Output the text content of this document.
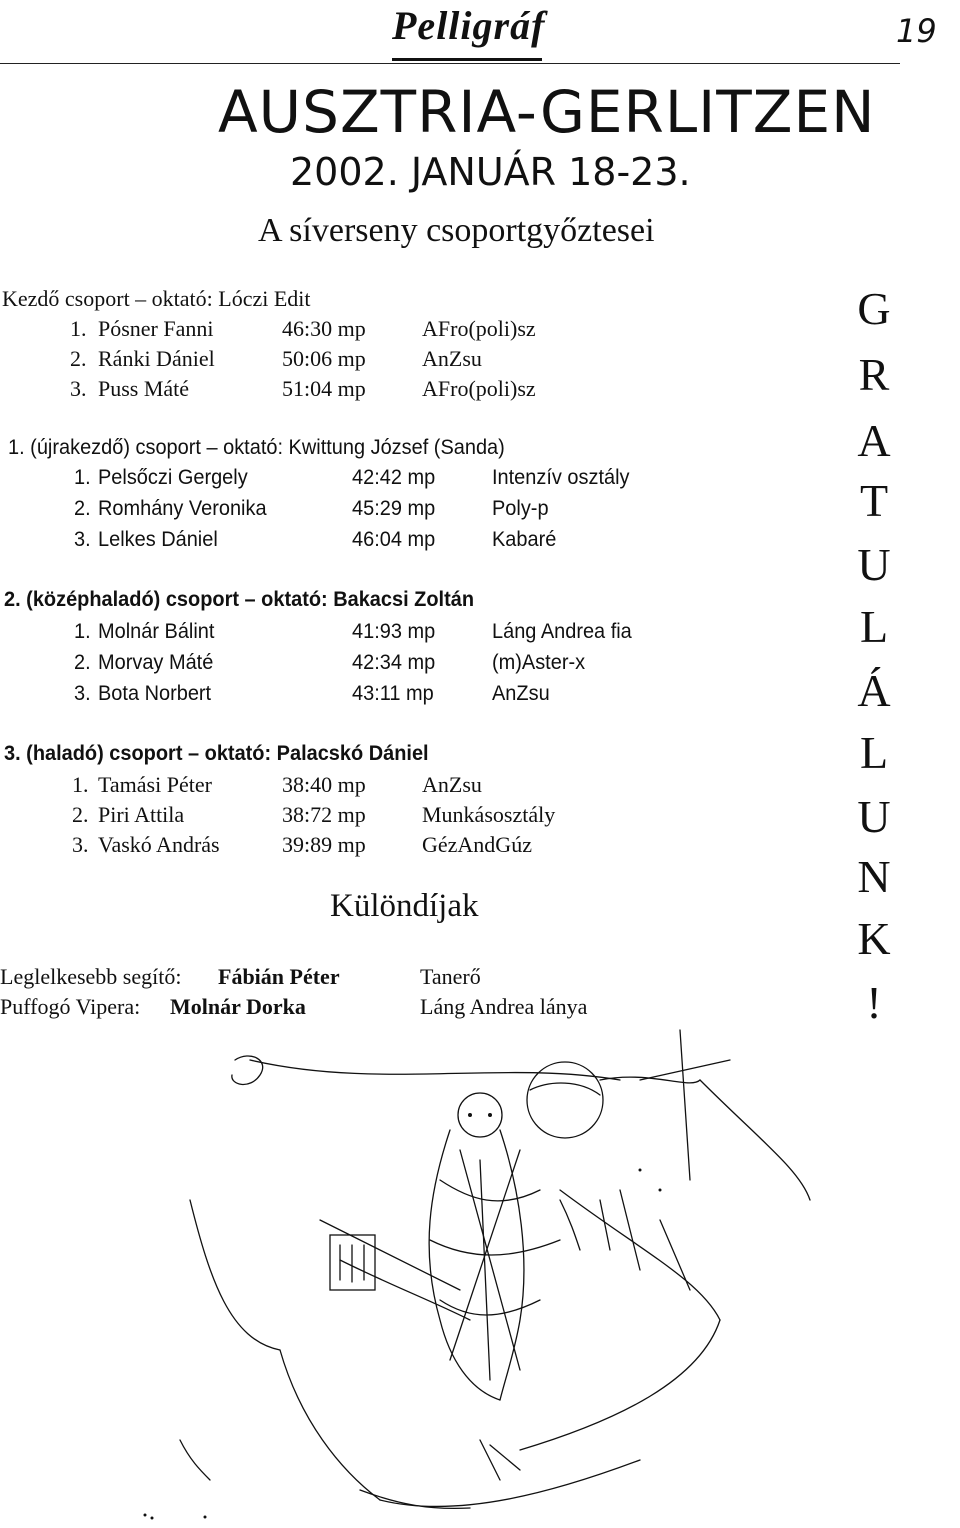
Pelligráf	19
AUSZTRIA-GERLITZEN
2002. JANUÁR 18-23.
A síverseny csoportgyőztesei
Kezdő csoport – oktató: Lóczi Edit
1. Pósner Fanni	46:30 mp	AFro(poli)sz
2. Ránki Dániel	50:06 mp	AnZsu
3. Puss Máté	51:04 mp	AFro(poli)sz
1. (újrakezdő) csoport – oktató: Kwittung József (Sanda)
1. Pelsőczi Gergely	42:42 mp	Intenzív osztály
2. Romhány Veronika	45:29 mp	Poly-p
3. Lelkes Dániel	46:04 mp	Kabaré
2. (középhaladó) csoport – oktató: Bakacsi Zoltán
1. Molnár Bálint	41:93 mp	Láng Andrea fia
2. Morvay Máté	42:34 mp	(m)Aster-x
3. Bota Norbert	43:11 mp	AnZsu
3. (haladó) csoport – oktató: Palacskó Dániel
1. Tamási Péter	38:40 mp	AnZsu
2. Piri Attila	38:72 mp	Munkásosztály
3. Vaskó András	39:89 mp	GézAndGúz
Különdíjak
Leglelkesebb segítő: Fábián Péter	Tanerő
Puffogó Vipera: Molnár Dorka	Láng Andrea lánya
G
R
A
T
U
L
Á
L
U
N
K
!
